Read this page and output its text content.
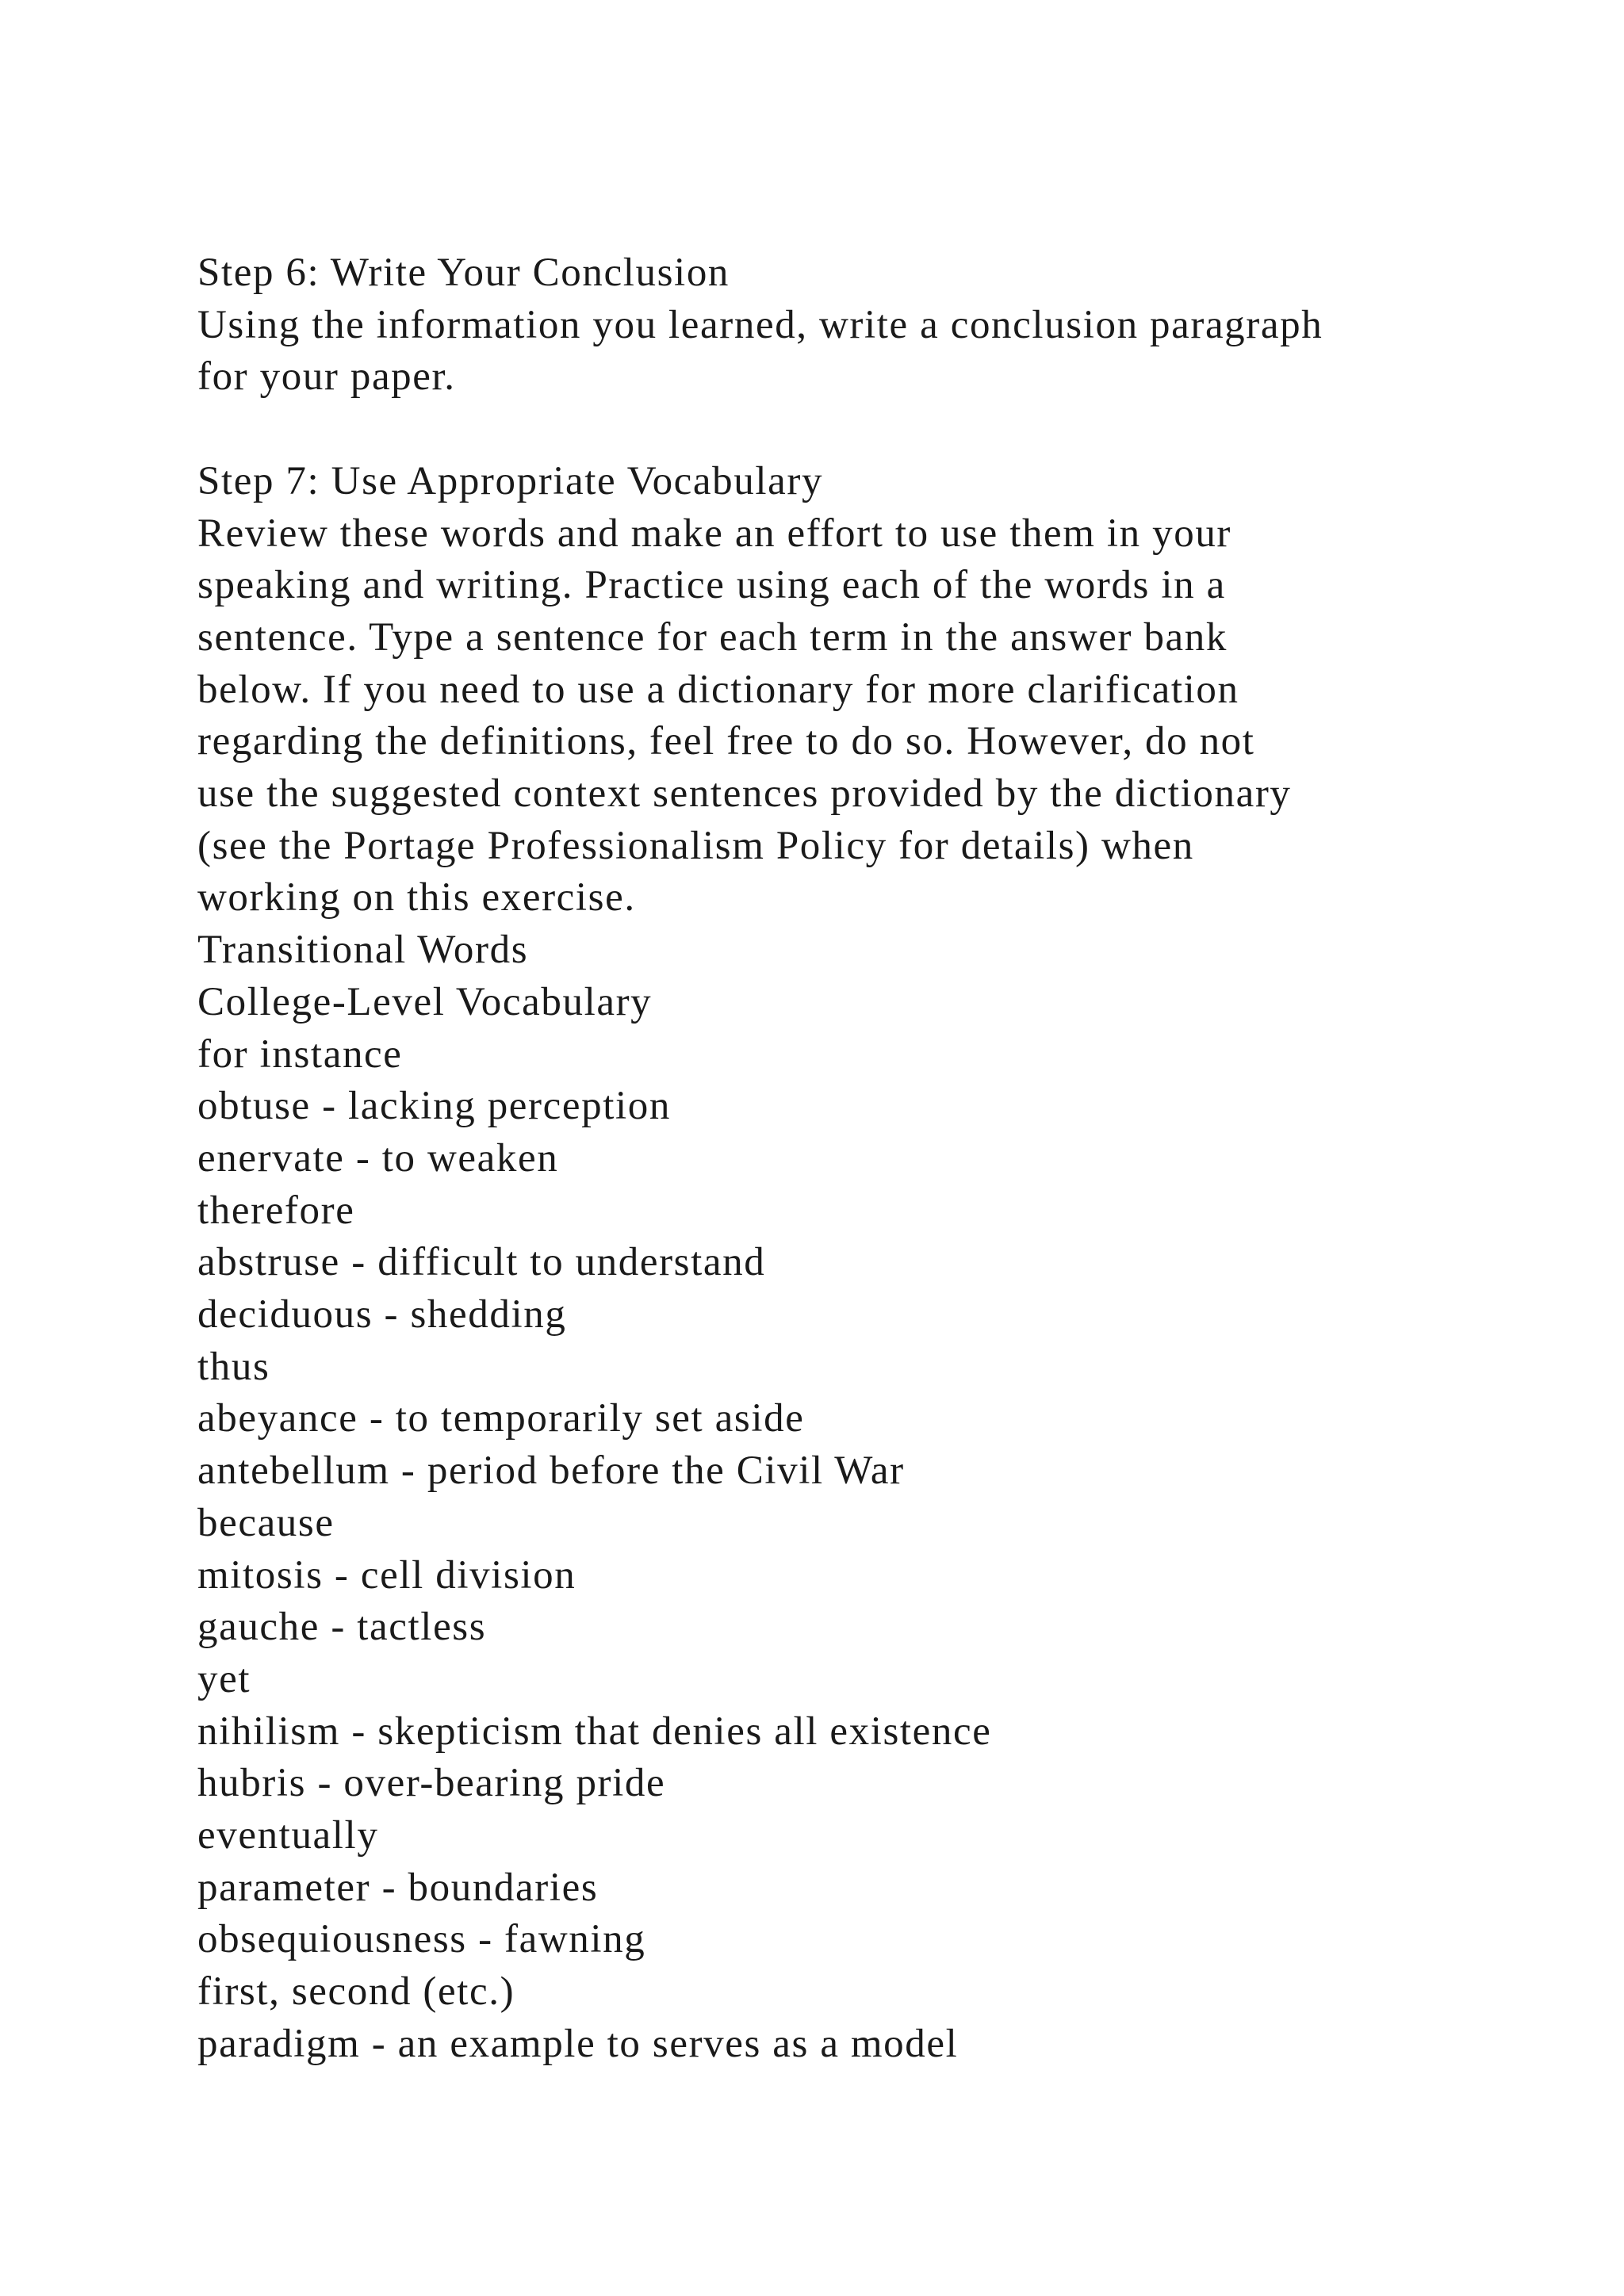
Step 6: Write Your Conclusion
Using the information you learned, write a conclusion paragraph
for your paper.
Step 7: Use Appropriate Vocabulary
Review these words and make an effort to use them in your
speaking and writing. Practice using each of the words in a
sentence. Type a sentence for each term in the answer bank
below. If you need to use a dictionary for more clarification
regarding the definitions, feel free to do so. However, do not
use the suggested context sentences provided by the dictionary
(see the Portage Professionalism Policy for details) when
working on this exercise.
Transitional Words
College-Level Vocabulary
for instance
obtuse - lacking perception
enervate - to weaken
therefore
abstruse - difficult to understand
deciduous - shedding
thus
abeyance - to temporarily set aside
antebellum - period before the Civil War
because
mitosis - cell division
gauche - tactless
yet
nihilism - skepticism that denies all existence
hubris - over-bearing pride
eventually
parameter - boundaries
obsequiousness - fawning
first, second (etc.)
paradigm - an example to serves as a model
